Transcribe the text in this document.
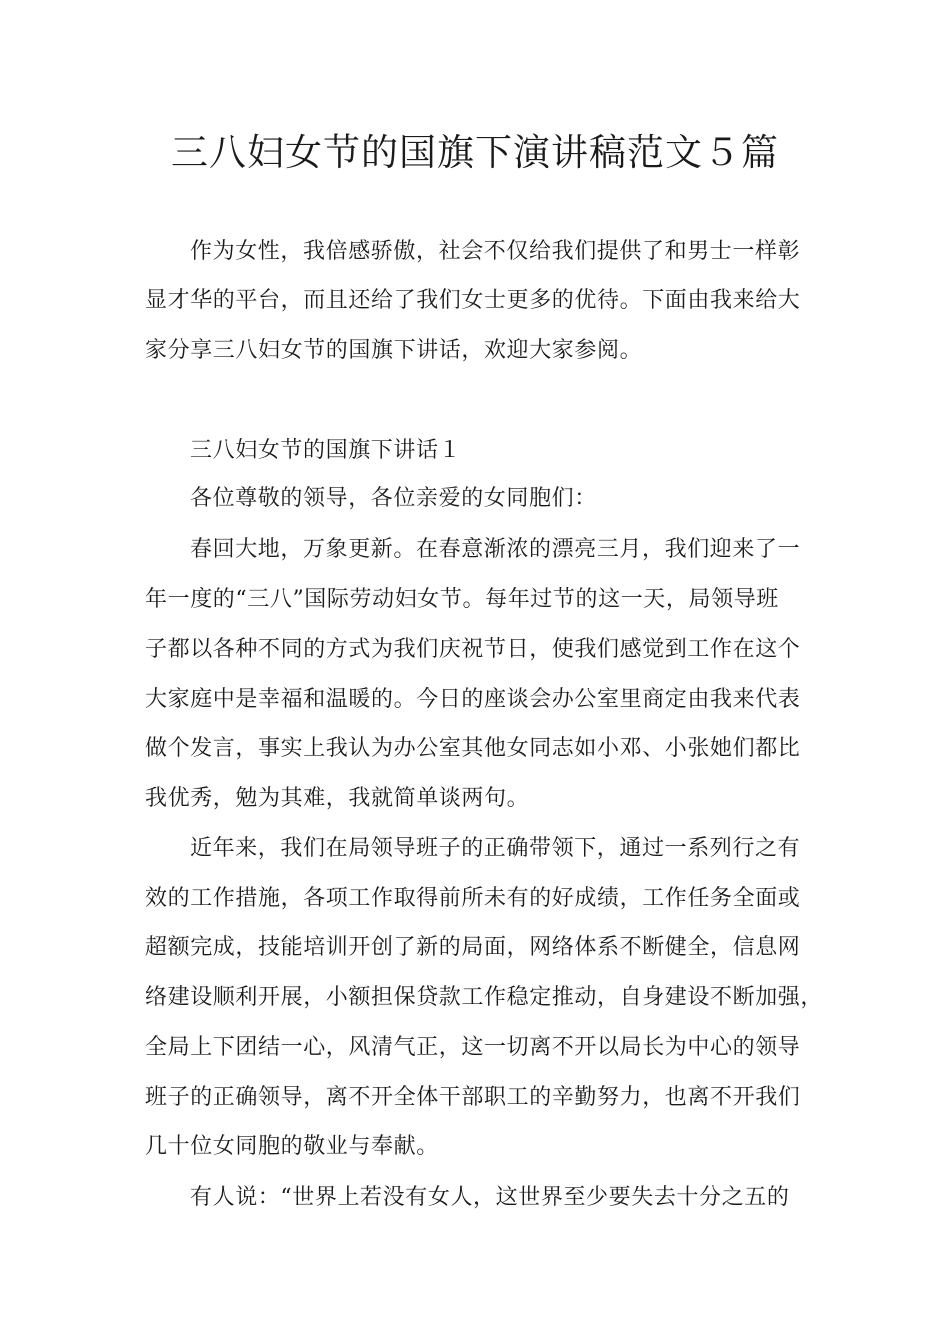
三八妇女节的国旗下演讲稿范文５篇
作为女性，我倍感骄傲，社会不仅给我们提供了和男士一样彰
显才华的平台，而且还给了我们女士更多的优待。下面由我来给大
家分享三八妇女节的国旗下讲话，欢迎大家参阅。
三八妇女节的国旗下讲话１
各位尊敬的领导，各位亲爱的女同胞们：
春回大地，万象更新。在春意渐浓的漂亮三月，我们迎来了一
年一度的“三八”国际劳动妇女节。每年过节的这一天，局领导班
子都以各种不同的方式为我们庆祝节日，使我们感觉到工作在这个
大家庭中是幸福和温暖的。今日的座谈会办公室里商定由我来代表
做个发言，事实上我认为办公室其他女同志如小邓、小张她们都比
我优秀，勉为其难，我就简单谈两句。
近年来，我们在局领导班子的正确带领下，通过一系列行之有
效的工作措施，各项工作取得前所未有的好成绩，工作任务全面或
超额完成，技能培训开创了新的局面，网络体系不断健全，信息网
络建设顺利开展，小额担保贷款工作稳定推动，自身建设不断加强，
全局上下团结一心，风清气正，这一切离不开以局长为中心的领导
班子的正确领导，离不开全体干部职工的辛勤努力，也离不开我们
几十位女同胞的敬业与奉献。
有人说：“世界上若没有女人，这世界至少要失去十分之五的
